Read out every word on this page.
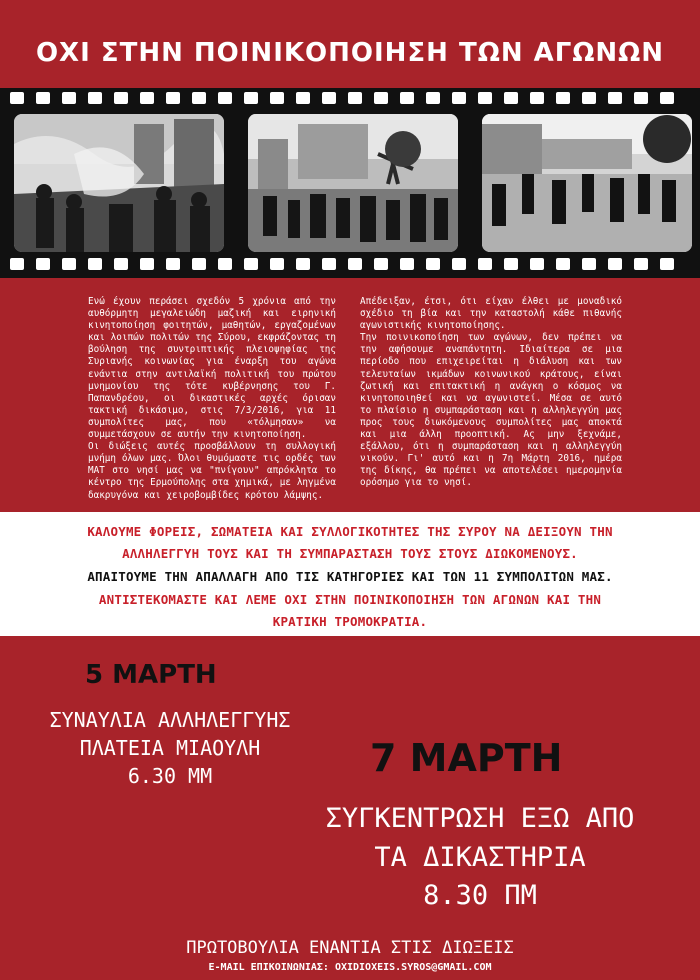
ΟΧΙ ΣΤΗΝ ΠΟΙΝΙΚΟΠΟΙΗΣΗ ΤΩΝ ΑΓΩΝΩΝ

Ενώ έχουν περάσει σχεδόν 5 χρόνια από την αυθόρμητη μεγαλειώδη μαζική και ειρηνική κινητοποίηση φοιτητών, μαθητών, εργαζομένων και λοιπών πολιτών της Σύρου, εκφράζοντας τη βούληση της συντριπτικής πλειοψηφίας της Συριανής κοινωνίας για έναρξη του αγώνα ενάντια στην αντιλαϊκή πολιτική του πρώτου μνημονίου της τότε κυβέρνησης του Γ. Παπανδρέου, οι δικαστικές αρχές όρισαν τακτική δικάσιμο, στις 7/3/2016, για 11 συμπολίτες μας, που «τόλμησαν» να συμμετάσχουν σε αυτήν την κινητοποίηση.

Οι διώξεις αυτές προσβάλλουν τη συλλογική μνήμη όλων μας. Όλοι θυμόμαστε τις ορδές των ΜΑΤ στο νησί μας να "πνίγουν" απρόκλητα το κέντρο της Ερμούπολης στα χημικά, με ληγμένα δακρυγόνα και χειροβομβίδες κρότου λάμψης.

Απέδειξαν, έτσι, ότι είχαν έλθει με μοναδικό σχέδιο τη βία και την καταστολή κάθε πιθανής αγωνιστικής κινητοποίησης.

Την ποινικοποίηση των αγώνων, δεν πρέπει να την αφήσουμε αναπάντητη. Ιδιαίτερα σε μια περίοδο που επιχειρείται η διάλυση και των τελευταίων ικμάδων κοινωνικού κράτους, είναι ζωτική και επιτακτική η ανάγκη ο κόσμος να κινητοποιηθεί και να αγωνιστεί. Μέσα σε αυτό το πλαίσιο η συμπαράσταση και η αλληλεγγύη μας προς τους διωκόμενους συμπολίτες μας αποκτά και μια άλλη προοπτική. Ας μην ξεχνάμε, εξάλλου, ότι η συμπαράσταση και η αλληλεγγύη νικούν. Γι' αυτό και η 7η Μάρτη 2016, ημέρα της δίκης, θα πρέπει να αποτελέσει ημερομηνία ορόσημο για το νησί.

ΚΑΛΟΥΜΕ ΦΟΡΕΙΣ, ΣΩΜΑΤΕΙΑ ΚΑΙ ΣΥΛΛΟΓΙΚΟΤΗΤΕΣ ΤΗΣ ΣΥΡΟΥ ΝΑ ΔΕΙΞΟΥΝ ΤΗΝ
ΑΛΛΗΛΕΓΓΥΗ ΤΟΥΣ ΚΑΙ ΤΗ ΣΥΜΠΑΡΑΣΤΑΣΗ ΤΟΥΣ ΣΤΟΥΣ ΔΙΩΚΟΜΕΝΟΥΣ.
ΑΠΑΙΤΟΥΜΕ ΤΗΝ ΑΠΑΛΛΑΓΗ ΑΠΟ ΤΙΣ ΚΑΤΗΓΟΡΙΕΣ ΚΑΙ ΤΩΝ 11 ΣΥΜΠΟΛΙΤΩΝ ΜΑΣ.
ΑΝΤΙΣΤΕΚΟΜΑΣΤΕ ΚΑΙ ΛΕΜΕ ΟΧΙ ΣΤΗΝ ΠΟΙΝΙΚΟΠΟΙΗΣΗ ΤΩΝ ΑΓΩΝΩΝ ΚΑΙ ΤΗΝ
ΚΡΑΤΙΚΗ ΤΡΟΜΟΚΡΑΤΙΑ.
5 ΜΑΡΤΗ
ΣΥΝΑΥΛΙΑ ΑΛΛΗΛΕΓΓΥΗΣ
ΠΛΑΤΕΙΑ ΜΙΑΟΥΛΗ
6.30 ΜΜ	7 ΜΑΡΤΗ
ΣΥΓΚΕΝΤΡΩΣΗ ΕΞΩ ΑΠΟ
ΤΑ ΔΙΚΑΣΤΗΡΙΑ
8.30 ΠΜ
ΠΡΩΤΟΒΟΥΛΙΑ ΕΝΑΝΤΙΑ ΣΤΙΣ ΔΙΩΞΕΙΣ
E-MAIL ΕΠΙΚΟΙΝΩΝΙΑΣ: OXIDIOXEIS.SYROS@GMAIL.COM
